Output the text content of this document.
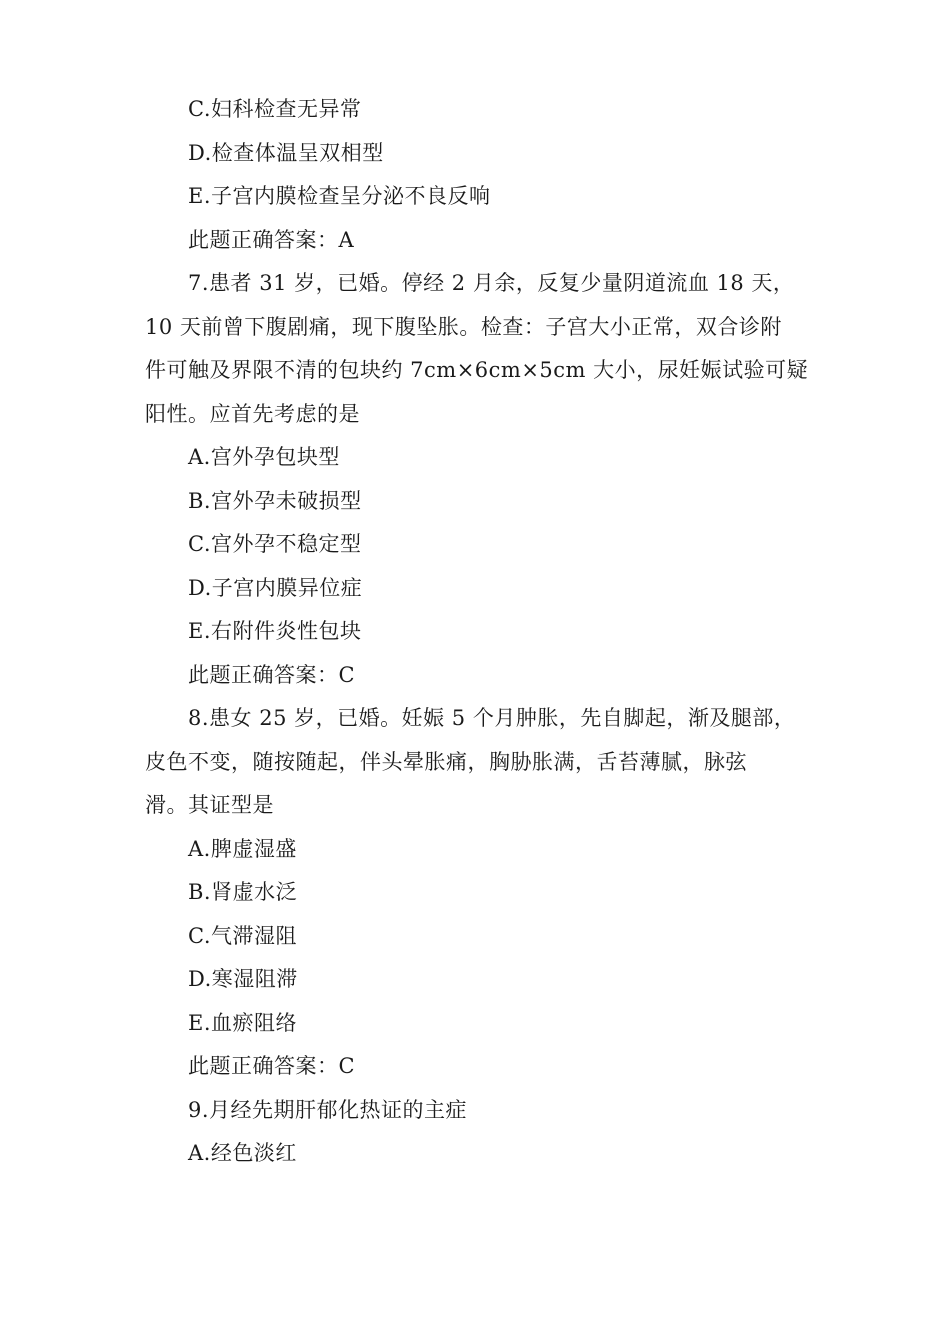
C.妇科检查无异常
D.检查体温呈双相型
E.子宫内膜检查呈分泌不良反响
此题正确答案：A
7.患者 31 岁，已婚。停经 2 月余，反复少量阴道流血 18 天，
10 天前曾下腹剧痛，现下腹坠胀。检查：子宫大小正常，双合诊附
件可触及界限不清的包块约 7cm×6cm×5cm 大小，尿妊娠试验可疑
阳性。应首先考虑的是
A.宫外孕包块型
B.宫外孕未破损型
C.宫外孕不稳定型
D.子宫内膜异位症
E.右附件炎性包块
此题正确答案：C
8.患女 25 岁，已婚。妊娠 5 个月肿胀，先自脚起，渐及腿部，
皮色不变，随按随起，伴头晕胀痛，胸胁胀满，舌苔薄腻，脉弦
滑。其证型是
A.脾虚湿盛
B.肾虚水泛
C.气滞湿阻
D.寒湿阻滞
E.血瘀阻络
此题正确答案：C
9.月经先期肝郁化热证的主症
A.经色淡红
